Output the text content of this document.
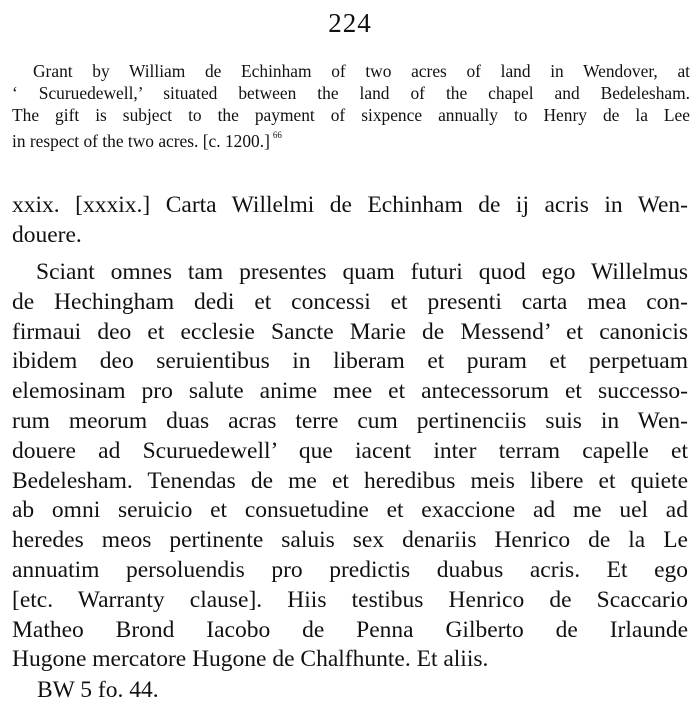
224
Grant by William de Echinham of two acres of land in Wendover, at
‘ Scuruedewell,’ situated between the land of the chapel and Bedelesham.
The gift is subject to the payment of sixpence annually to Henry de la Lee
in respect of the two acres. [c. 1200.] $^{66}$
xxix. [xxxix.] Carta Willelmi de Echinham de ij acris in Wen-
douere.
Sciant omnes tam presentes quam futuri quod ego Willelmus
de Hechingham dedi et concessi et presenti carta mea con-
firmaui deo et ecclesie Sancte Marie de Messend’ et canonicis
ibidem deo seruientibus in liberam et puram et perpetuam
elemosinam pro salute anime mee et antecessorum et successo-
rum meorum duas acras terre cum pertinenciis suis in Wen-
douere ad Scuruedewell’ que iacent inter terram capelle et
Bedelesham. Tenendas de me et heredibus meis libere et quiete
ab omni seruicio et consuetudine et exaccione ad me uel ad
heredes meos pertinente saluis sex denariis Henrico de la Le
annuatim persoluendis pro predictis duabus acris. Et ego
[etc. Warranty clause]. Hiis testibus Henrico de Scaccario
Matheo Brond Iacobo de Penna Gilberto de Irlaunde
Hugone mercatore Hugone de Chalfhunte. Et aliis.
BW 5 fo. 44.
